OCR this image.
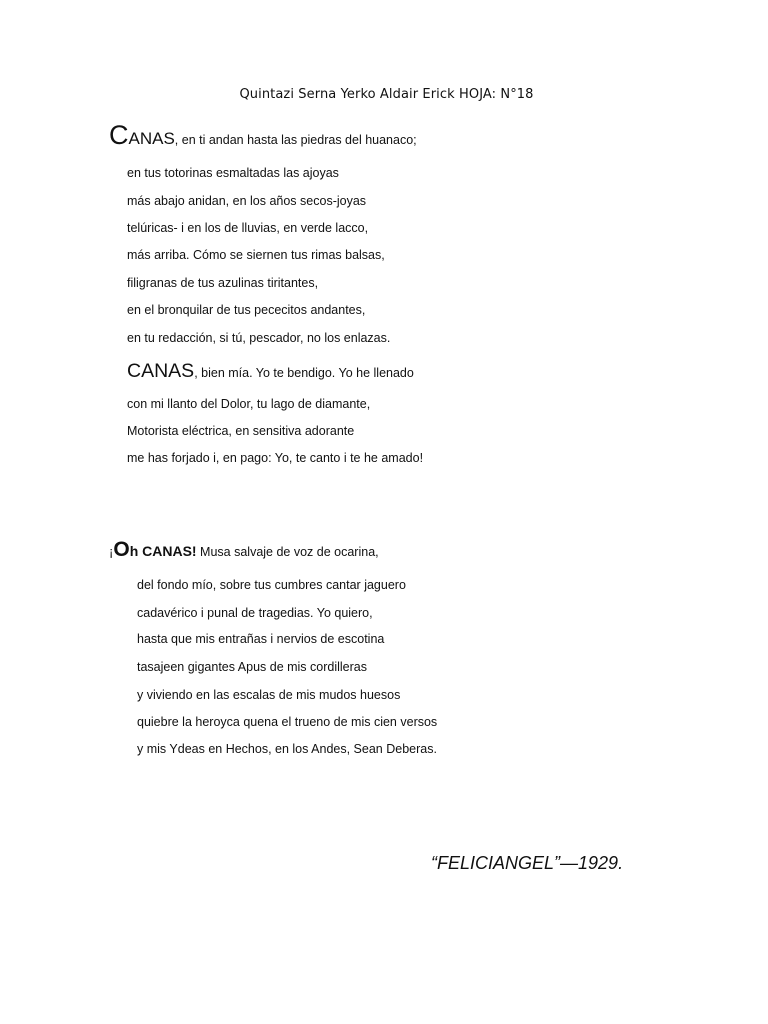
Quintazi Serna Yerko Aldair Erick HOJA: N°18
CANAS, en ti andan hasta las piedras del huanaco;
en tus totorinas esmaltadas las ajoyas
más abajo anidan, en los años secos-joyas
telúricas- i en los de lluvias, en verde lacco,
más arriba. Cómo se siernen tus rimas balsas,
filigranas de tus azulinas tiritantes,
en el bronquilar de tus pececitos andantes,
en tu redacción, si tú, pescador, no los enlazas.
CANAS, bien mía. Yo te bendigo. Yo he llenado
con mi llanto del Dolor, tu lago de diamante,
Motorista eléctrica, en sensitiva adorante
me has forjado i, en pago: Yo, te canto i te he amado!
¡Oh CANAS! Musa salvaje de voz de ocarina,
del fondo mío, sobre tus cumbres cantar jaguero
cadavérico i punal de tragedias. Yo quiero,
hasta que mis entrañas i nervios de escotina
tasajeen gigantes Apus de mis cordilleras
y viviendo en las escalas de mis mudos huesos
quiebre la heroyca quena el trueno de mis cien versos
y mis Ydeas en Hechos, en los Andes, Sean Deberas.
“FELICIANGEL”—1929.
